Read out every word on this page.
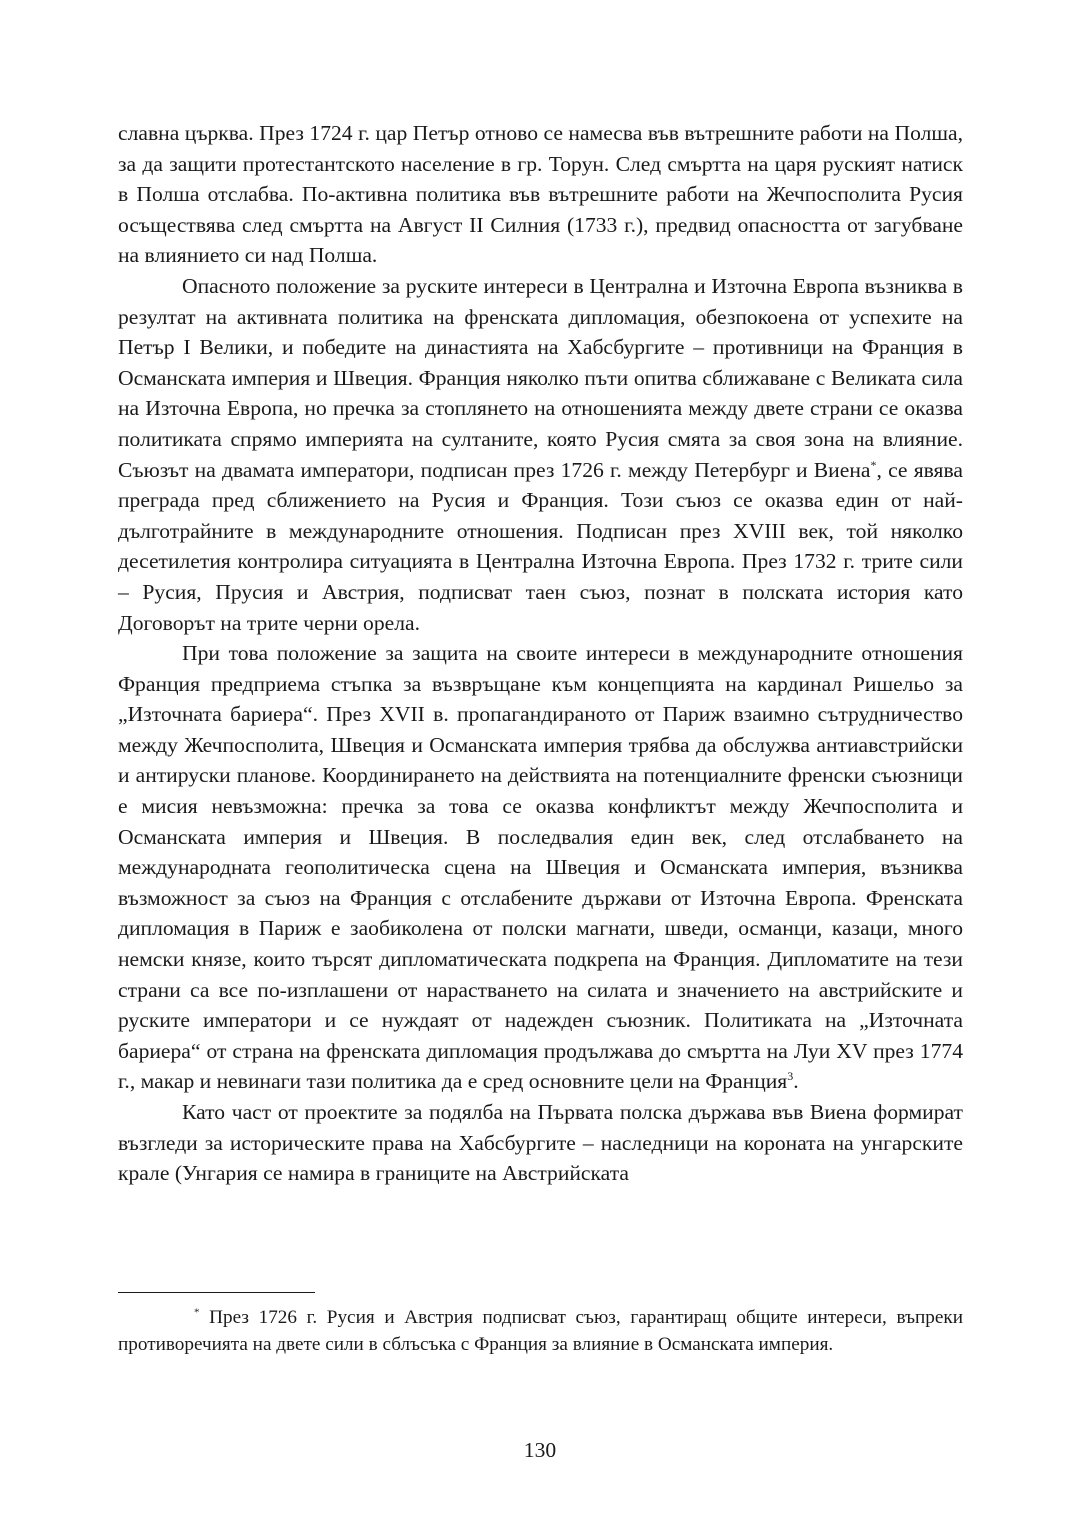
славна църква. През 1724 г. цар Петър отново се намесва във вътрешните работи на Полша, за да защити протестантското население в гр. Торун. След смъртта на царя руският натиск в Полша отслабва. По-активна политика във вътрешните работи на Жечпосполита Русия осъществява след смъртта на Август II Силния (1733 г.), предвид опасността от загубване на влиянието си над Полша.

Опасното положение за руските интереси в Централна и Източна Европа възниква в резултат на активната политика на френската дипломация, обезпокоена от успехите на Петър I Велики, и победите на династията на Хабсбургите – противници на Франция в Османската империя и Швеция. Франция няколко пъти опитва сближаване с Великата сила на Източна Европа, но пречка за стоплянето на отношенията между двете страни се оказва политиката спрямо империята на султаните, която Русия смята за своя зона на влияние. Съюзът на двамата императори, подписан през 1726 г. между Петербург и Виена*, се явява преграда пред сближението на Русия и Франция. Този съюз се оказва един от най-дълготрайните в международните отношения. Подписан през XVIII век, той няколко десетилетия контролира ситуацията в Централна Източна Европа. През 1732 г. трите сили – Русия, Прусия и Австрия, подписват таен съюз, познат в полската история като Договорът на трите черни орела.

При това положение за защита на своите интереси в международните отношения Франция предприема стъпка за възвръщане към концепцията на кардинал Ришельо за „Източната бариера“. През XVII в. пропагандираното от Париж взаимно сътрудничество между Жечпосполита, Швеция и Османската империя трябва да обслужва антиавстрийски и антируски планове. Координирането на действията на потенциалните френски съюзници е мисия невъзможна: пречка за това се оказва конфликтът между Жечпосполита и Османската империя и Швеция. В последвалия един век, след отслабването на международната геополитическа сцена на Швеция и Османската империя, възниква възможност за съюз на Франция с отслабените държави от Източна Европа. Френската дипломация в Париж е заобиколена от полски магнати, шведи, османци, казаци, много немски князе, които търсят дипломатическата подкрепа на Франция. Дипломатите на тези страни са все по-изплашени от нарастването на силата и значението на австрийските и руските императори и се нуждаят от надежден съюзник. Политиката на „Източната бариера“ от страна на френската дипломация продължава до смъртта на Луи XV през 1774 г., макар и невинаги тази политика да е сред основните цели на Франция$^3$.

Като част от проектите за подялба на Първата полска държава във Виена формират възгледи за историческите права на Хабсбургите – наследници на короната на унгарските крале (Унгария се намира в границите на Австрийската

* През 1726 г. Русия и Австрия подписват съюз, гарантиращ общите интереси, въпреки противоречията на двете сили в сблъсъка с Франция за влияние в Османската империя.

130
